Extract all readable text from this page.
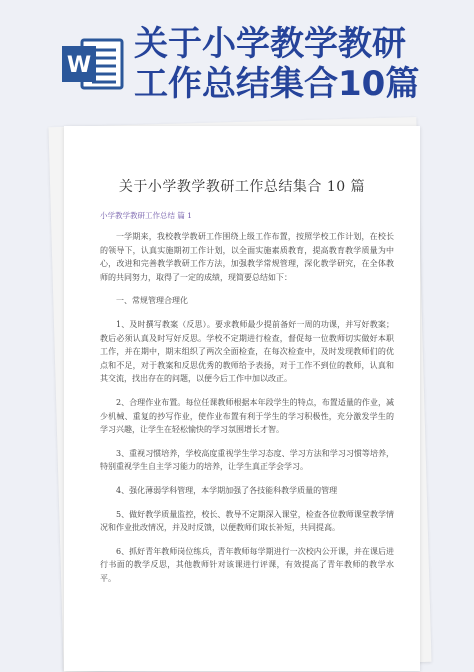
W
关于小学教学教研
工作总结集合10篇
关于小学教学教研工作总结集合 10 篇
小学教学教研工作总结 篇 1

一学期来，我校教学教研工作围绕上级工作布置，按照学校工作计划，在校长的领导下，认真实施期初工作计划，以全面实施素质教育，提高教育教学质量为中心，改进和完善教学教研工作方法，加强教学常规管理，深化教学研究，在全体教师的共同努力，取得了一定的成绩，现简要总结如下：

一、常规管理合理化

1、及时撰写教案（反思）。要求教师最少提前备好一周的功课，并写好教案；教后必须认真及时写好反思。学校不定期进行检查，督促每一位教师切实做好本职工作，并在期中，期末组织了两次全面检查，在每次检查中，及时发现教师们的优点和不足，对于教案和反思优秀的教师给予表扬，对于工作不到位的教师，认真和其交流，找出存在的问题，以便今后工作中加以改正。

2、合理作业布置。每位任课教师根据本年段学生的特点，布置适量的作业，减少机械、重复的抄写作业，使作业布置有利于学生的学习积极性，充分激发学生的学习兴趣，让学生在轻松愉快的学习氛围增长才智。

3、重视习惯培养，学校高度重视学生学习态度、学习方法和学习习惯等培养，特别重视学生自主学习能力的培养，让学生真正学会学习。

4、强化薄弱学科管理，本学期加强了各技能科教学质量的管理

5、做好教学质量监控，校长、教导不定期深入课堂，检查各位教师课堂教学情况和作业批改情况，并及时反馈，以便教师们取长补短，共同提高。

6、抓好青年教师岗位练兵，青年教师每学期进行一次校内公开课，并在课后进行书面的教学反思，其他教师针对该课进行评课，有效提高了青年教师的教学水平。
